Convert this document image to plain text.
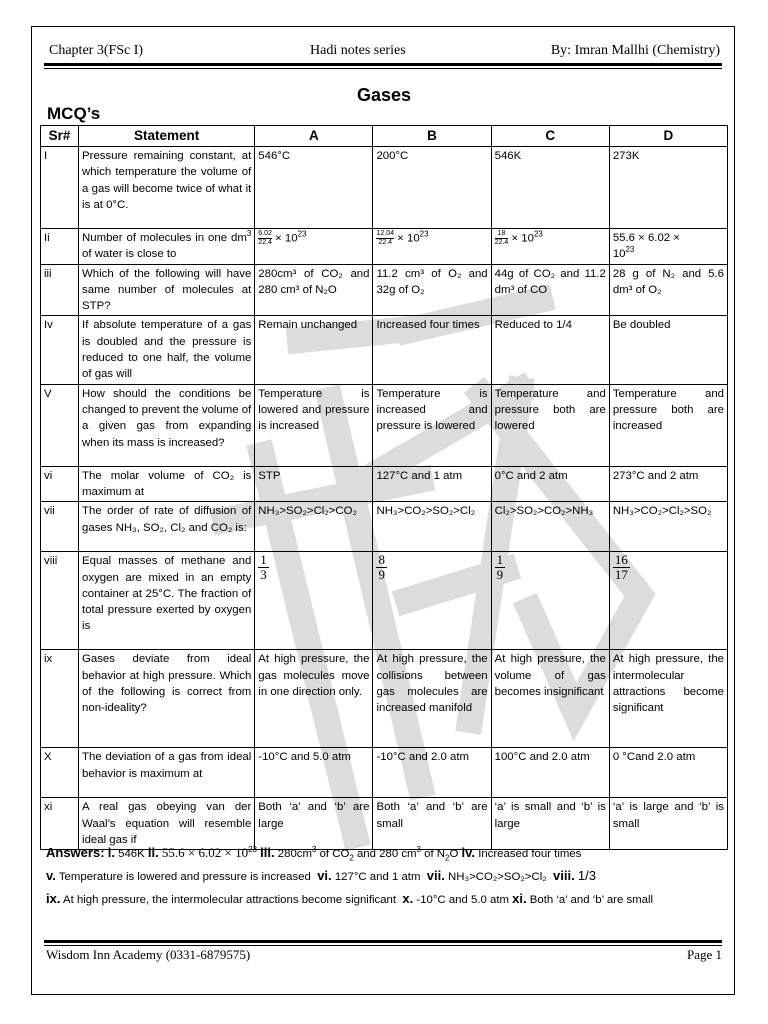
Chapter 3(FSc I)	Hadi notes series	By: Imran Mallhi (Chemistry)
Gases
MCQ’s
Sr#	Statement	A	B	C	D
I	Pressure remaining constant, at which temperature the volume of a gas will become twice of what it is at 0°C.	546°C	200°C	546K	273K
Ii	Number of molecules in one $dm^3$ of water is close to	$\frac{6.02}{22.4} \times 10^{23}$	$\frac{12.04}{22.4} \times 10^{23}$	$\frac{18}{22.4} \times 10^{23}$	55.6 × 6.02 ×
$10^{23}$
iii	Which of the following will have same number of molecules at STP?	280cm³ of CO₂ and 280 cm³ of N₂O	11.2 cm³ of O₂ and 32g of O₂	44g of CO₂ and 11.2 dm³ of CO	28 g of N₂ and 5.6 dm³ of O₂
Iv	If absolute temperature of a gas is doubled and the pressure is reduced to one half, the volume of gas will	Remain unchanged	Increased four times	Reduced to 1/4	Be doubled
V	How should the conditions be changed to prevent the volume of a given gas from expanding when its mass is increased?	Temperature is lowered and pressure is increased	Temperature is increased and pressure is lowered	Temperature and pressure both are lowered	Temperature and pressure both are increased
vi	The molar volume of CO₂ is maximum at	STP	127°C and 1 atm	0°C and 2 atm	273°C and 2 atm
vii	The order of rate of diffusion of gases NH₃, SO₂, Cl₂ and CO₂ is:	NH₃>SO₂>Cl₂>CO₂	NH₃>CO₂>SO₂>Cl₂	Cl₂>SO₂>CO₂>NH₃	NH₃>CO₂>Cl₂>SO₂
viii	Equal masses of methane and oxygen are mixed in an empty container at 25°C. The fraction of total pressure exerted by oxygen is	$\frac{1}{3}$	$\frac{8}{9}$	$\frac{1}{9}$	$\frac{16}{17}$

ix	Gases deviate from ideal behavior at high pressure. Which of the following is correct from non-ideality?	At high pressure, the gas molecules move in one direction only.	At high pressure, the collisions between gas molecules are increased manifold	At high pressure, the volume of gas becomes insignificant	At high pressure, the intermolecular attractions become significant
X	The deviation of a gas from ideal behavior is maximum at	-10°C and 5.0 atm	-10°C and 2.0 atm	100°C and 2.0 atm	0 °Cand 2.0 atm
xi	A real gas obeying van der Waal’s equation will resemble ideal gas if	Both ‘a’ and ‘b’ are large	Both ‘a’ and ‘b’ are small	‘a’ is small and ‘b’ is large	‘a’ is large and ‘b’ is small
Answers: i. 546K ii. $55.6 \times 6.02 \times 10^{23}$ iii. $280cm^3$ of $CO_2$ and 280 $cm^3$ of $N_2O$ iv. Increased four times
v. Temperature is lowered and pressure is increased vi. 127°C and 1 atm vii. NH₃>CO₂>SO₂>Cl₂ viii. 1/3
ix. At high pressure, the intermolecular attractions become significant x. -10°C and 5.0 atm xi. Both ‘a’ and ‘b’ are small
Wisdom Inn Academy (0331-6879575)	Page 1
